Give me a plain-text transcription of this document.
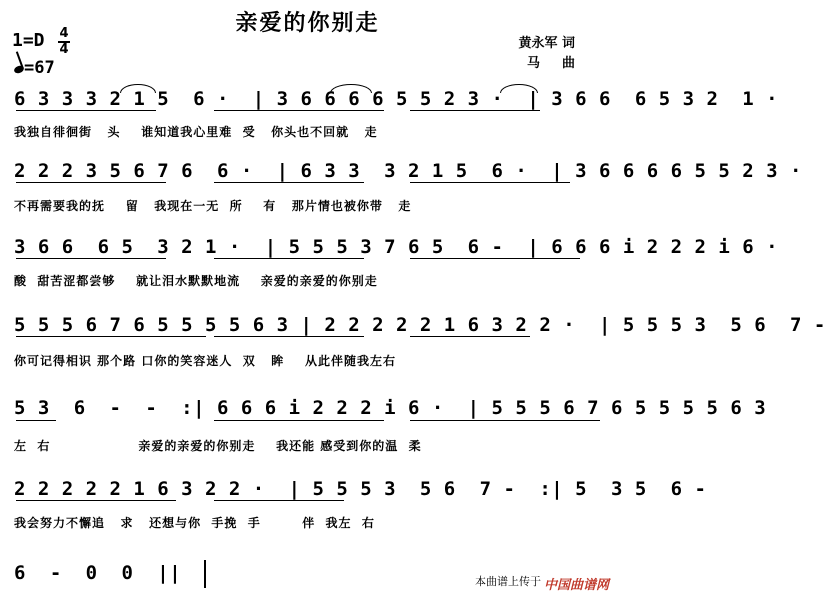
亲爱的你别走
1=D 4
4
=67
黄永军 词
马 　 曲
6 3 3 3 2 1 5  6 ·  | 3 6 6 6 6 5 5 2 3 ·  | 3 6 6  6 5 3 2  1 ·
我独自徘徊街   头    谁知道我心里难  受   你头也不回就   走
2 2 2 3 5 6 7 6  6 ·  | 6 3 3  3 2 1 5  6 ·  | 3 6 6 6 6 5 5 2 3 ·
不再需要我的抚    留   我现在一无  所    有   那片情也被你带   走
3 6 6  6 5  3 2 1 ·  | 5 5 5 3 7 6 5  6 -  | 6 6 6 i 2 2 2 i 6 ·
酸  甜苦涩都尝够    就让泪水默默地流    亲爱的亲爱的你别走
5 5 5 6 7 6 5 5 5 5 6 3 | 2 2 2 2 2 1 6 3 2 2 ·  | 5 5 5 3  5 6  7 -
你可记得相识 那个路 口你的笑容迷人  双   眸    从此伴随我左右
5 3  6  -  -  :| 6 6 6 i 2 2 2 i 6 ·  | 5 5 5 6 7 6 5 5 5 5 6 3
左  右                 亲爱的亲爱的你别走    我还能 感受到你的温  柔
2 2 2 2 2 1 6 3 2 2 ·  | 5 5 5 3  5 6  7 -  :| 5  3 5  6 -
我会努力不懈追   求   还想与你  手挽  手        伴  我左  右
6  -  0  0  ||	本曲谱上传于 中国曲谱网
